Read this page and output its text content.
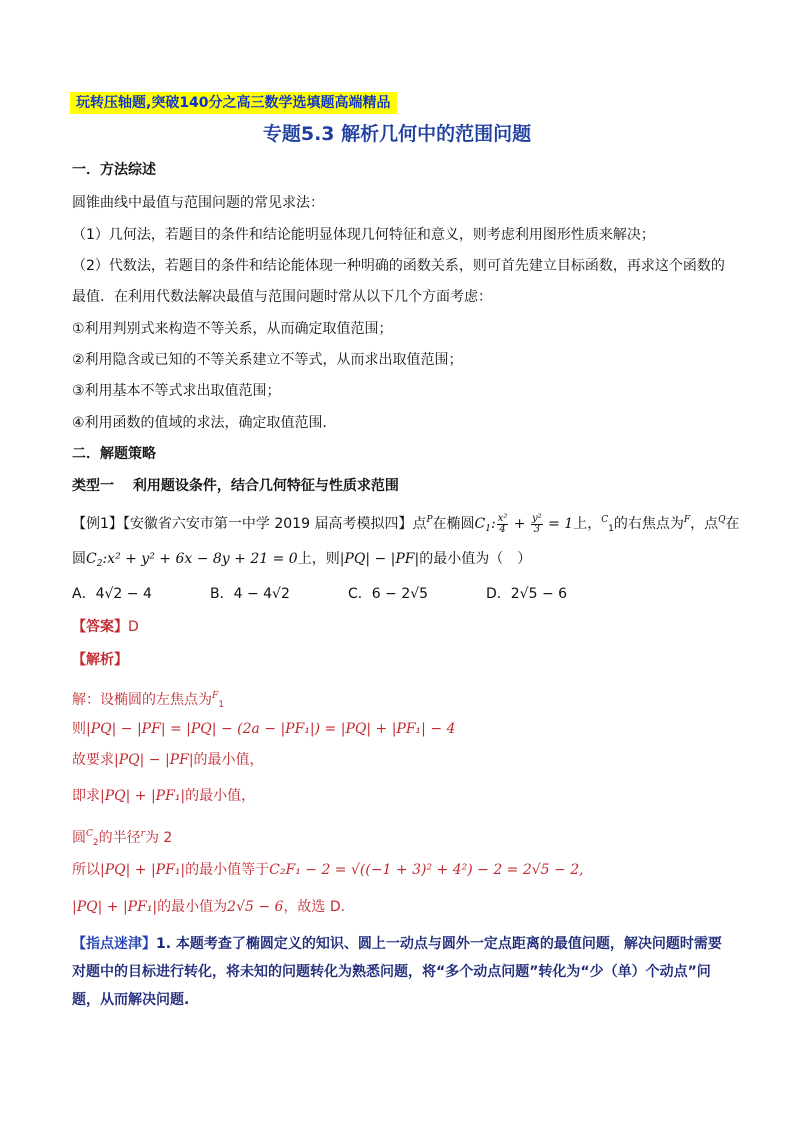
玩转压轴题,突破140分之高三数学选填题高端精品
专题5.3 解析几何中的范围问题
一．方法综述
圆锥曲线中最值与范围问题的常见求法：
（1）几何法，若题目的条件和结论能明显体现几何特征和意义，则考虑利用图形性质来解决；
（2）代数法，若题目的条件和结论能体现一种明确的函数关系，则可首先建立目标函数，再求这个函数的
最值．在利用代数法解决最值与范围问题时常从以下几个方面考虑：
①利用判别式来构造不等关系，从而确定取值范围；
②利用隐含或已知的不等关系建立不等式，从而求出取值范围；
③利用基本不等式求出取值范围；
④利用函数的值域的求法，确定取值范围．
二．解题策略
类型一　 利用题设条件，结合几何特征与性质求范围
【例1】【安徽省六安市第一中学 2019 届高考模拟四】点$^P$在椭圆$C_1$: $\frac{\text{x²}}{4} + \frac{\text{y²}}{3} = 1$上，$^C_1$的右焦点为$^F$，点$^Q$在
圆$C_2:x^2 + y^2 + 6x - 8y + 21 = 0$上，则|PQ| − |PF|的最小值为（　）
A．4√2 − 4	B．4 − 4√2	C．6 − 2√5	D．2√5 − 6
【答案】D
【解析】
解：设椭圆的左焦点为$^F_1$
则|PQ| − |PF| = |PQ| − (2a − |PF₁|) = |PQ| + |PF₁| − 4
故要求|PQ| − |PF|的最小值，
即求|PQ| + |PF₁|的最小值，
圆$^C_2$的半径$^r$为 2
所以|PQ| + |PF₁|的最小值等于C₂F₁ − 2 = √((−1 + 3)² + 4²) − 2 = 2√5 − 2,
|PQ| + |PF₁|的最小值为2√5 − 6，故选 D.
【指点迷津】1. 本题考查了椭圆定义的知识、圆上一动点与圆外一定点距离的最值问题，解决问题时需要对题中的目标进行转化，将未知的问题转化为熟悉问题，将“多个动点问题”转化为“少（单）个动点”问题，从而解决问题.
